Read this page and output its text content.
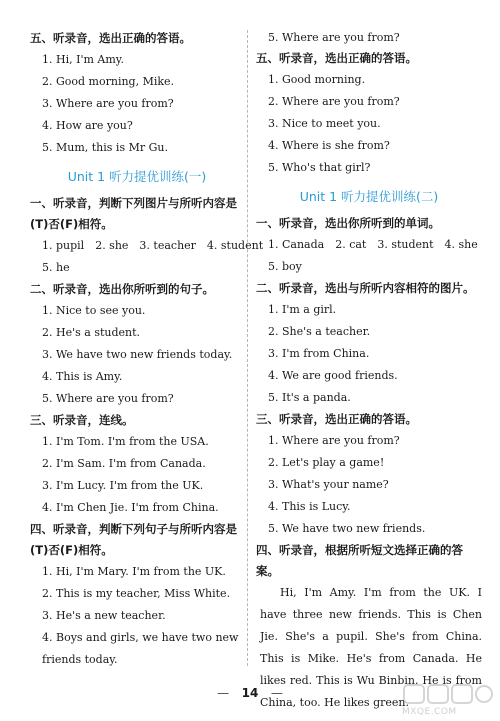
五、听录音，选出正确的答语。

1. Hi, I'm Amy.

2. Good morning, Mike.

3. Where are you from?

4. How are you?

5. Mum, this is Mr Gu.

Unit 1 听力提优训练(一)

一、听录音，判断下列图片与所听内容是(T)否(F)相符。

1. pupil　2. she　3. teacher　4. student

5. he

二、听录音，选出你所听到的句子。

1. Nice to see you.

2. He's a student.

3. We have two new friends today.

4. This is Amy.

5. Where are you from?

三、听录音，连线。

1. I'm Tom. I'm from the USA.

2. I'm Sam. I'm from Canada.

3. I'm Lucy. I'm from the UK.

4. I'm Chen Jie. I'm from China.

四、听录音，判断下列句子与所听内容是(T)否(F)相符。

1. Hi, I'm Mary. I'm from the UK.

2. This is my teacher, Miss White.

3. He's a new teacher.

4. Boys and girls, we have two new friends today.

5. Where are you from?

五、听录音，选出正确的答语。

1. Good morning.

2. Where are you from?

3. Nice to meet you.

4. Where is she from?

5. Who's that girl?

Unit 1 听力提优训练(二)

一、听录音，选出你所听到的单词。

1. Canada　2. cat　3. student　4. she

5. boy

二、听录音，选出与所听内容相符的图片。

1. I'm a girl.

2. She's a teacher.

3. I'm from China.

4. We are good friends.

5. It's a panda.

三、听录音，选出正确的答语。

1. Where are you from?

2. Let's play a game!

3. What's your name?

4. This is Lucy.

5. We have two new friends.

四、听录音，根据所听短文选择正确的答案。

Hi, I'm Amy. I'm from the UK. I have three new friends. This is Chen Jie. She's a pupil. She's from China. This is Mike. He's from Canada. He likes red. This is Wu Binbin. He is from China, too. He likes green.

— 14 —
MXQE.COM
